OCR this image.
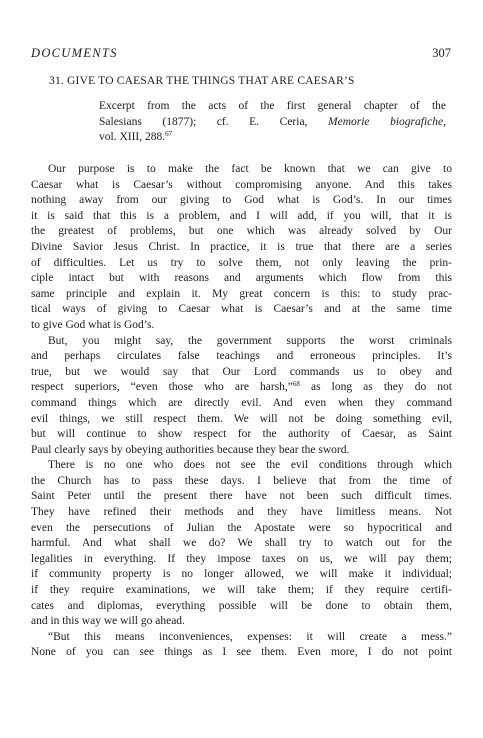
DOCUMENTS	307
31. GIVE TO CAESAR THE THINGS THAT ARE CAESAR’S
Excerpt from the acts of the first general chapter of the
Salesians (1877); cf. E. Ceria, Memorie biografiche,
vol. XIII, 288.67
Our purpose is to make the fact be known that we can give to
Caesar what is Caesar’s without compromising anyone. And this takes
nothing away from our giving to God what is God’s. In our times
it is said that this is a problem, and I will add, if you will, that it is
the greatest of problems, but one which was already solved by Our
Divine Savior Jesus Christ. In practice, it is true that there are a series
of difficulties. Let us try to solve them, not only leaving the prin-
ciple intact but with reasons and arguments which flow from this
same principle and explain it. My great concern is this: to study prac-
tical ways of giving to Caesar what is Caesar’s and at the same time
to give God what is God’s.
But, you might say, the government supports the worst criminals
and perhaps circulates false teachings and erroneous principles. It’s
true, but we would say that Our Lord commands us to obey and
respect superiors, “even those who are harsh,”$^{68}$ as long as they do not
command things which are directly evil. And even when they command
evil things, we still respect them. We will not be doing something evil,
but will continue to show respect for the authority of Caesar, as Saint
Paul clearly says by obeying authorities because they bear the sword.
There is no one who does not see the evil conditions through which
the Church has to pass these days. I believe that from the time of
Saint Peter until the present there have not been such difficult times.
They have refined their methods and they have limitless means. Not
even the persecutions of Julian the Apostate were so hypocritical and
harmful. And what shall we do? We shall try to watch out for the
legalities in everything. If they impose taxes on us, we will pay them;
if community property is no longer allowed, we will make it individual;
if they require examinations, we will take them; if they require certifi-
cates and diplomas, everything possible will be done to obtain them,
and in this way we will go ahead.
“But this means inconveniences, expenses: it will create a mess.”
None of you can see things as I see them. Even more, I do not point
